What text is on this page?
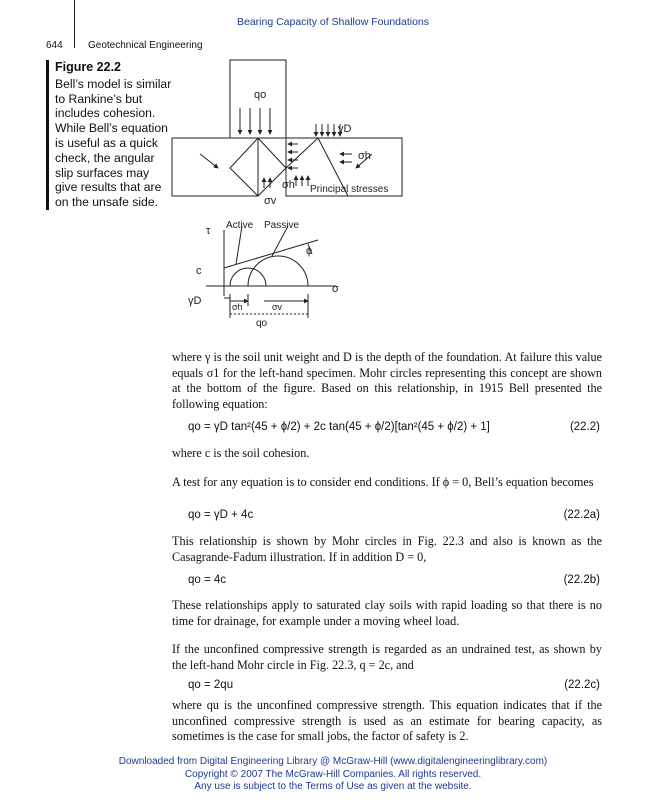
Bearing Capacity of Shallow Foundations
644	Geotechnical Engineering
Figure 22.2
Bell’s model is similar to Rankine’s but includes cohesion. While Bell’s equation is useful as a quick check, the angular slip surfaces may give results that are on the unsafe side.
qo
γD
σh
σh
σv
Principal stresses
τ Active Passive
ϕ
σ
c
γD	σh	σv
qo
where γ is the soil unit weight and D is the depth of the foundation. At failure this value equals σ1 for the left-hand specimen. Mohr circles representing this concept are shown at the bottom of the figure. Based on this relationship, in 1915 Bell presented the following equation:
qo = γD tan²(45 + ϕ/2) + 2c tan(45 + ϕ/2)[tan²(45 + ϕ/2) + 1]	(22.2)
where c is the soil cohesion.
A test for any equation is to consider end conditions. If ϕ = 0, Bell’s equation becomes
qo = γD + 4c	(22.2a)
This relationship is shown by Mohr circles in Fig. 22.3 and also is known as the Casagrande-Fadum illustration. If in addition D = 0,
qo = 4c	(22.2b)
These relationships apply to saturated clay soils with rapid loading so that there is no time for drainage, for example under a moving wheel load.
If the unconfined compressive strength is regarded as an undrained test, as shown by the left-hand Mohr circle in Fig. 22.3, q = 2c, and
qo = 2qu	(22.2c)
where qu is the unconfined compressive strength. This equation indicates that if the unconfined compressive strength is used as an estimate for bearing capacity, as sometimes is the case for small jobs, the factor of safety is 2.
Downloaded from Digital Engineering Library @ McGraw-Hill (www.digitalengineeringlibrary.com)
Copyright © 2007 The McGraw-Hill Companies. All rights reserved.
Any use is subject to the Terms of Use as given at the website.
